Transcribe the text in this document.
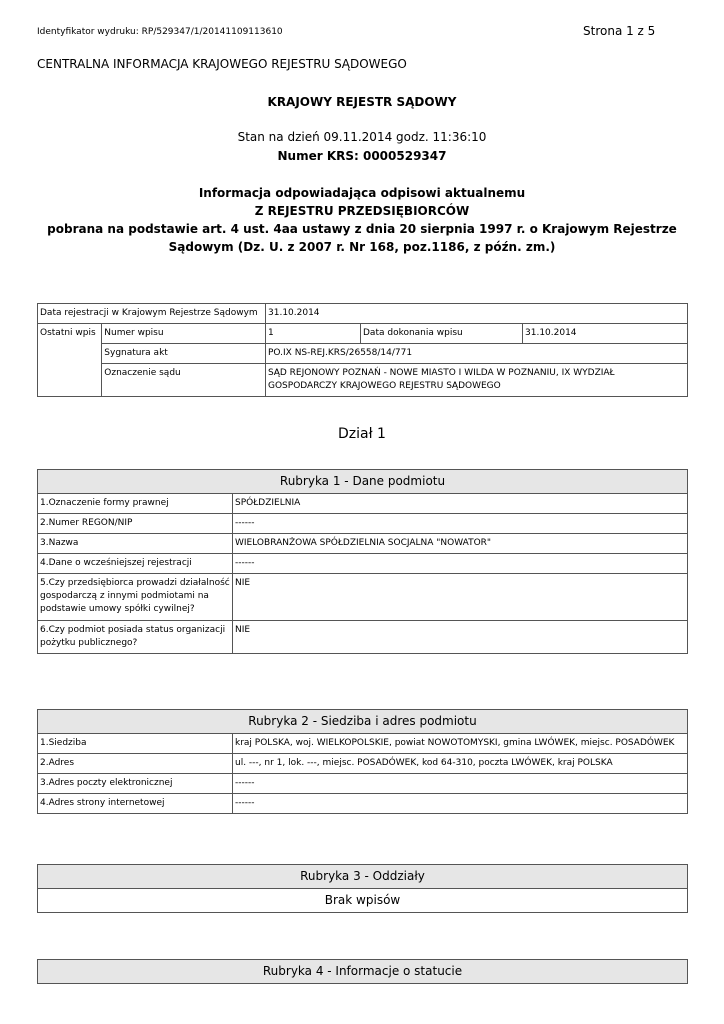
Identyfikator wydruku: RP/529347/1/20141109113610	Strona 1 z 5
CENTRALNA INFORMACJA KRAJOWEGO REJESTRU SĄDOWEGO
KRAJOWY REJESTR SĄDOWY
Stan na dzień 09.11.2014 godz. 11:36:10
Numer KRS: 0000529347
Informacja odpowiadająca odpisowi aktualnemu
Z REJESTRU PRZEDSIĘBIORCÓW
pobrana na podstawie art. 4 ust. 4aa ustawy z dnia 20 sierpnia 1997 r. o Krajowym Rejestrze
Sądowym (Dz. U. z 2007 r. Nr 168, poz.1186, z późn. zm.)
Data rejestracji w Krajowym Rejestrze Sądowym		31.10.2014		
Ostatni wpis	Numer wpisu	1	Data dokonania wpisu	31.10.2014
	Sygnatura akt	PO.IX NS-REJ.KRS/26558/14/771		
	Oznaczenie sądu	SĄD REJONOWY POZNAŃ - NOWE MIASTO I WILDA W POZNANIU, IX WYDZIAŁ GOSPODARCZY KRAJOWEGO REJESTRU SĄDOWEGO		
Dział 1
Rubryka 1 - Dane podmiotu	
1.Oznaczenie formy prawnej	SPÓŁDZIELNIA
2.Numer REGON/NIP	------
3.Nazwa	WIELOBRANŻOWA SPÓŁDZIELNIA SOCJALNA "NOWATOR"
4.Dane o wcześniejszej rejestracji	------
5.Czy przedsiębiorca prowadzi działalność gospodarczą z innymi podmiotami na podstawie umowy spółki cywilnej?	NIE
6.Czy podmiot posiada status organizacji pożytku publicznego?	NIE
Rubryka 2 - Siedziba i adres podmiotu	
1.Siedziba	kraj POLSKA, woj. WIELKOPOLSKIE, powiat NOWOTOMYSKI, gmina LWÓWEK, miejsc. POSADÓWEK
2.Adres	ul. ---, nr 1, lok. ---, miejsc. POSADÓWEK, kod 64-310, poczta LWÓWEK, kraj POLSKA
3.Adres poczty elektronicznej	------
4.Adres strony internetowej	------
Rubryka 3 - Oddziały
Brak wpisów
Rubryka 4 - Informacje o statucie
